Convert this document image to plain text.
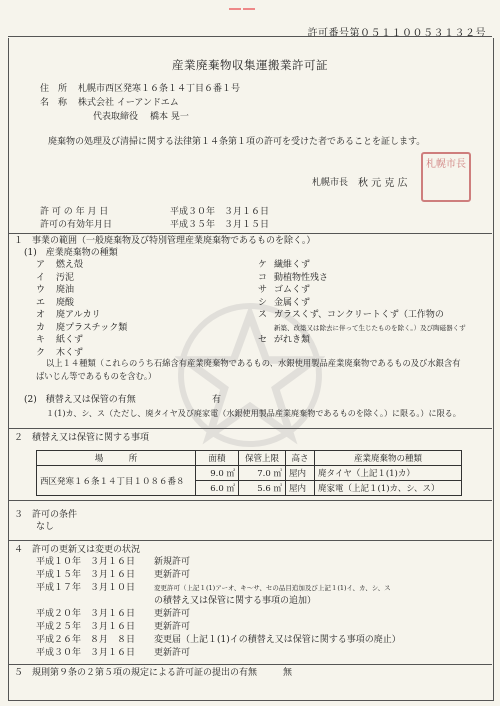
許可番号第０５１１００５３１３２号
産業廃棄物収集運搬業許可証
住　所 札幌市西区発寒１６条１４丁目６番１号
名　称 株式会社 イーアンドエム
代表取締役 橋本 晃一
廃棄物の処理及び清掃に関する法律第１４条第１項の許可を受けた者であることを証します。
札幌市長 秋 元 克 広
札幌市長
許 可 の 年 月 日	平成３０年　３月１６日
許可の有効年月日	平成３５年　３月１５日
１　事業の範囲（一般廃棄物及び特別管理産業廃棄物であるものを除く。）
(1)　産業廃棄物の種類
ア 燃え殻
イ 汚泥
ウ 廃油
エ 廃酸
オ 廃アルカリ
カ 廃プラスチック類
キ 紙くず
ク 木くず
ケ 繊維くず
コ 動植物性残さ
サ ゴムくず
シ 金属くず
ス ガラスくず、コンクリートくず（工作物の
新築、改築又は除去に伴って生じたものを除く。）及び陶磁器くず
セ がれき類
以上１４種類（これらのうち石綿含有産業廃棄物であるもの、水銀使用製品産業廃棄物であるもの及び水銀含有
ばいじん等であるものを含む。）
(2)　積替え又は保管の有無	有
１(1)カ、シ、ス（ただし、廃タイヤ及び廃家電（水銀使用製品産業廃棄物であるものを除く。）に限る。）に限る。
２　積替え又は保管に関する事項
場　　　所	面積	保管上限	高さ	産業廃棄物の種類
西区発寒１６条１４丁目１０８６番８	9.0 ㎡	7.0 ㎥	屋内	廃タイヤ（上記１(1)カ）
	6.0 ㎡	5.6 ㎥	屋内	廃家電（上記１(1)カ、シ、ス）
３　許可の条件
なし
４　許可の更新又は変更の状況
平成１０年　３月１６日 新規許可
平成１５年　３月１６日 更新許可
平成１７年　３月１０日	変更許可（上記１(1)アーオ、キ〜サ、セの品目追加及び上記１(1)イ、カ、シ、ス
の積替え又は保管に関する事項の追加）
平成２０年　３月１６日 更新許可
平成２５年　３月１６日 更新許可
平成２６年　８月　８日 変更届（上記１(1)イの積替え又は保管に関する事項の廃止）
平成３０年　３月１６日 更新許可
５　規則第９条の２第５項の規定による許可証の提出の有無	無
